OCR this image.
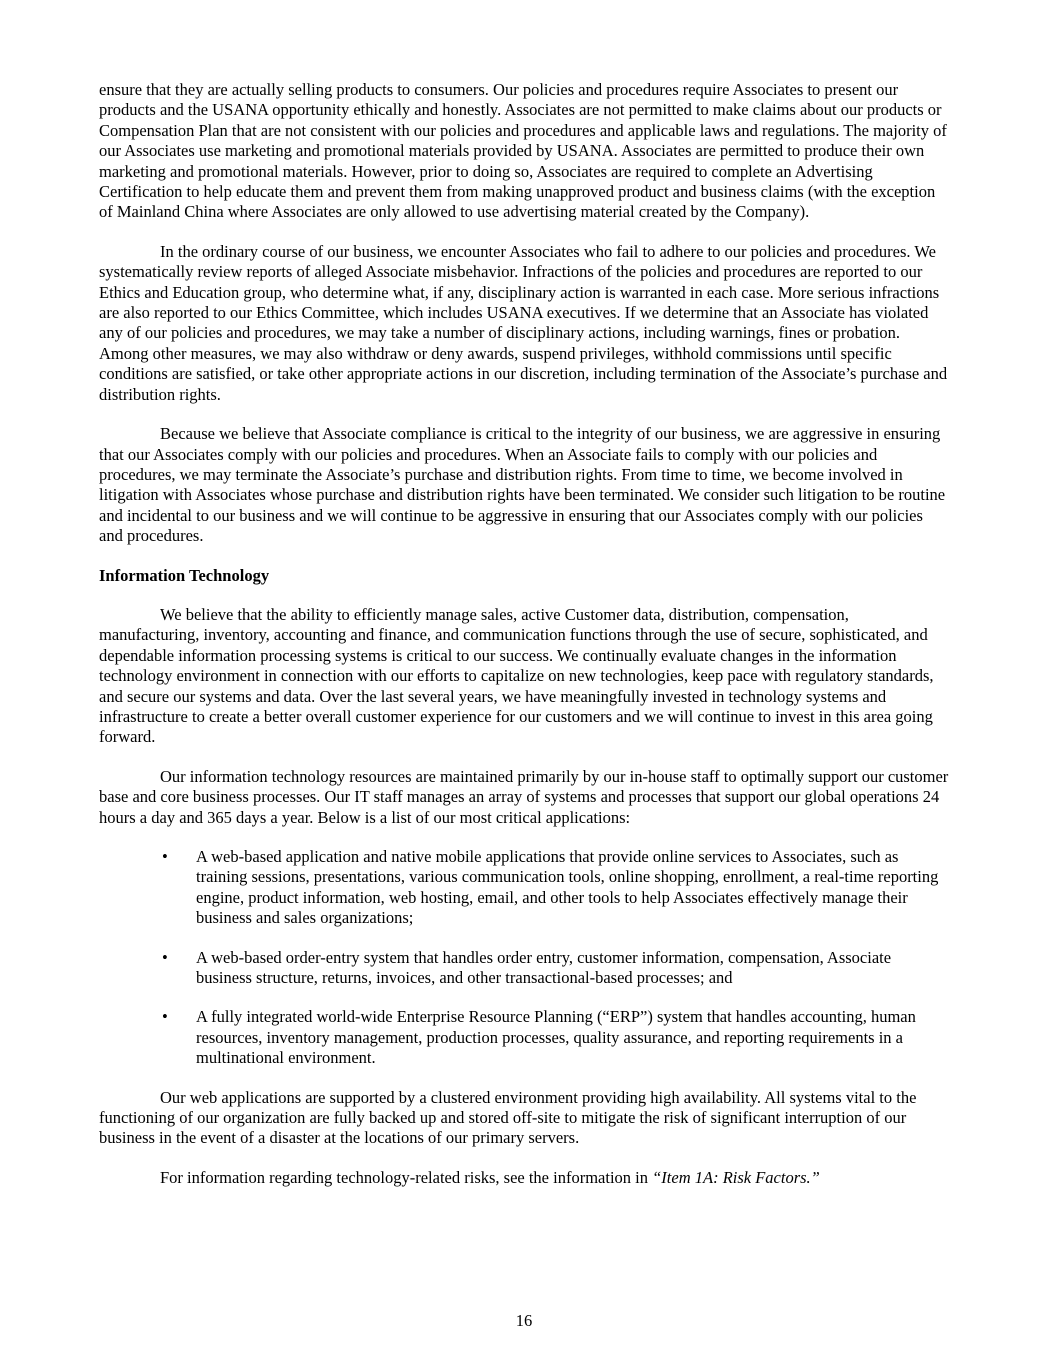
ensure that they are actually selling products to consumers. Our policies and procedures require Associates to present our products and the USANA opportunity ethically and honestly. Associates are not permitted to make claims about our products or Compensation Plan that are not consistent with our policies and procedures and applicable laws and regulations. The majority of our Associates use marketing and promotional materials provided by USANA. Associates are permitted to produce their own marketing and promotional materials. However, prior to doing so, Associates are required to complete an Advertising Certification to help educate them and prevent them from making unapproved product and business claims (with the exception of Mainland China where Associates are only allowed to use advertising material created by the Company).

In the ordinary course of our business, we encounter Associates who fail to adhere to our policies and procedures. We systematically review reports of alleged Associate misbehavior. Infractions of the policies and procedures are reported to our Ethics and Education group, who determine what, if any, disciplinary action is warranted in each case. More serious infractions are also reported to our Ethics Committee, which includes USANA executives. If we determine that an Associate has violated any of our policies and procedures, we may take a number of disciplinary actions, including warnings, fines or probation. Among other measures, we may also withdraw or deny awards, suspend privileges, withhold commissions until specific conditions are satisfied, or take other appropriate actions in our discretion, including termination of the Associate’s purchase and distribution rights.

Because we believe that Associate compliance is critical to the integrity of our business, we are aggressive in ensuring that our Associates comply with our policies and procedures. When an Associate fails to comply with our policies and procedures, we may terminate the Associate’s purchase and distribution rights. From time to time, we become involved in litigation with Associates whose purchase and distribution rights have been terminated. We consider such litigation to be routine and incidental to our business and we will continue to be aggressive in ensuring that our Associates comply with our policies and procedures.

Information Technology

We believe that the ability to efficiently manage sales, active Customer data, distribution, compensation, manufacturing, inventory, accounting and finance, and communication functions through the use of secure, sophisticated, and dependable information processing systems is critical to our success. We continually evaluate changes in the information technology environment in connection with our efforts to capitalize on new technologies, keep pace with regulatory standards, and secure our systems and data. Over the last several years, we have meaningfully invested in technology systems and infrastructure to create a better overall customer experience for our customers and we will continue to invest in this area going forward.

Our information technology resources are maintained primarily by our in-house staff to optimally support our customer base and core business processes. Our IT staff manages an array of systems and processes that support our global operations 24 hours a day and 365 days a year. Below is a list of our most critical applications:

• A web-based application and native mobile applications that provide online services to Associates, such as training sessions, presentations, various communication tools, online shopping, enrollment, a real-time reporting engine, product information, web hosting, email, and other tools to help Associates effectively manage their business and sales organizations;
• A web-based order-entry system that handles order entry, customer information, compensation, Associate business structure, returns, invoices, and other transactional-based processes; and
• A fully integrated world-wide Enterprise Resource Planning (“ERP”) system that handles accounting, human resources, inventory management, production processes, quality assurance, and reporting requirements in a multinational environment.

Our web applications are supported by a clustered environment providing high availability. All systems vital to the functioning of our organization are fully backed up and stored off-site to mitigate the risk of significant interruption of our business in the event of a disaster at the locations of our primary servers.

For information regarding technology-related risks, see the information in “Item 1A: Risk Factors.”

16
